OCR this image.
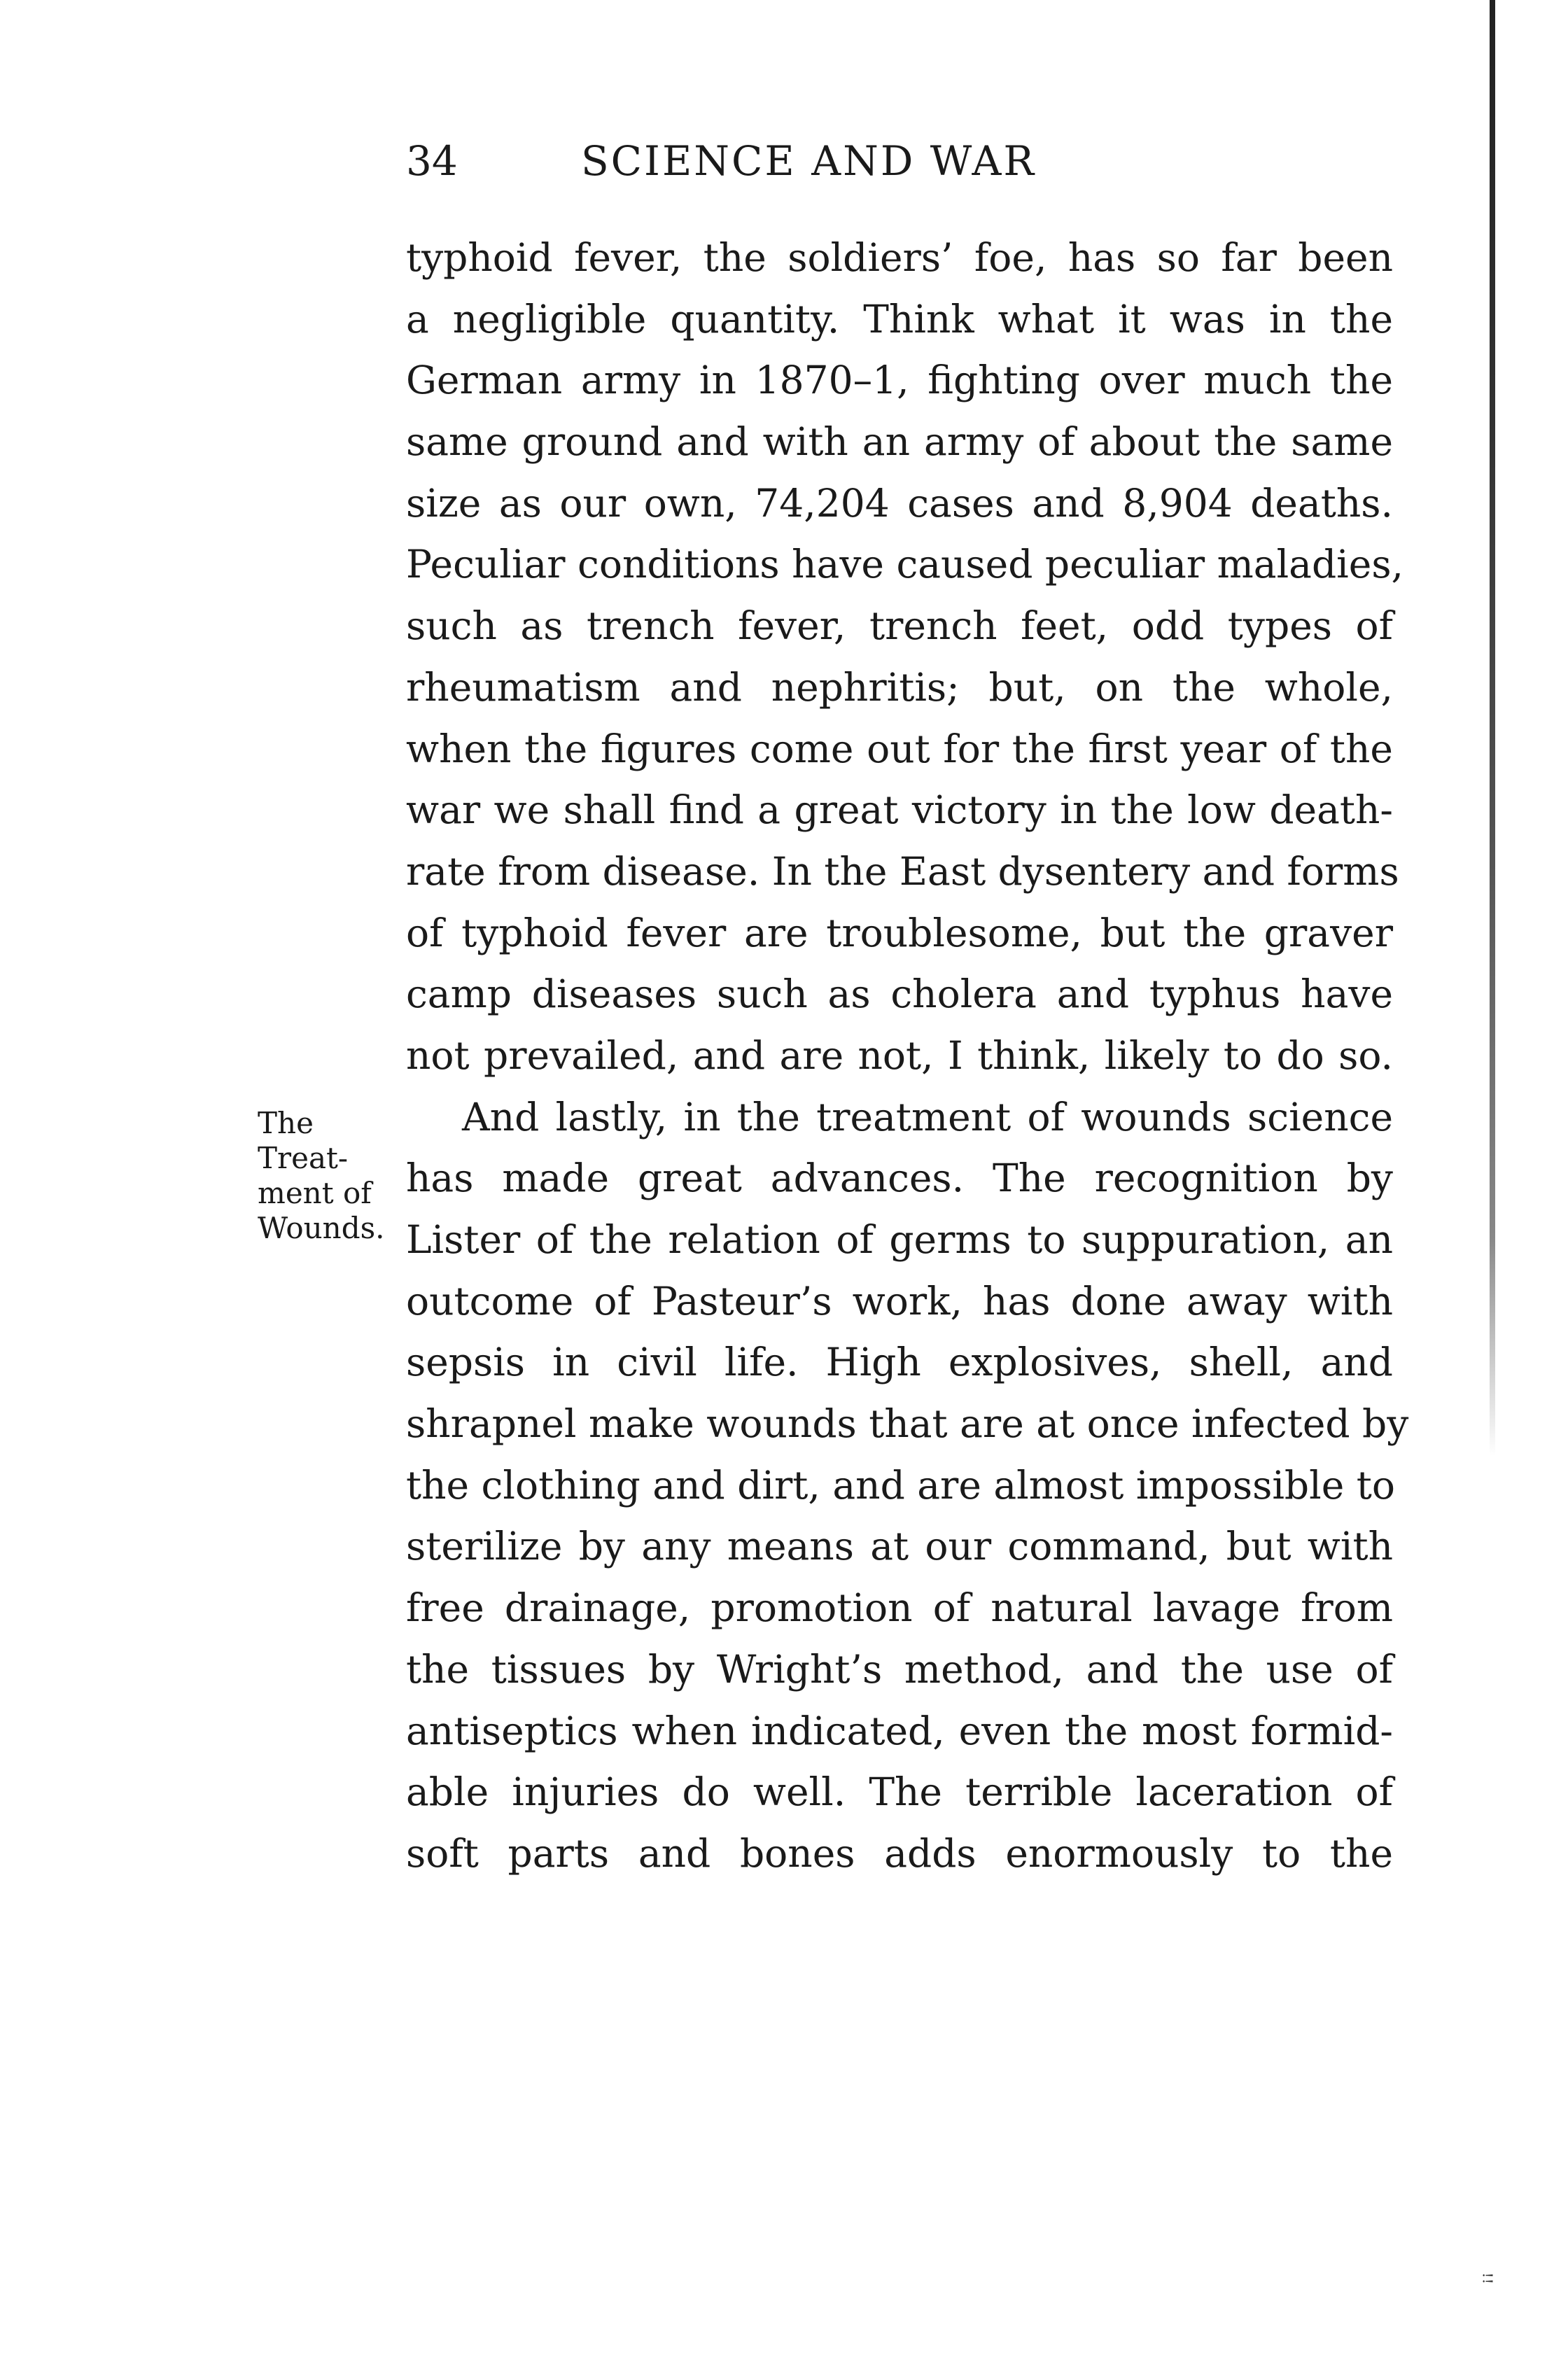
34	SCIENCE AND WAR
The
Treat-
ment of
Wounds.
typhoid fever, the soldiers’ foe, has so far been
a negligible quantity. Think what it was in the
German army in 1870–1, fighting over much the
same ground and with an army of about the same
size as our own, 74,204 cases and 8,904 deaths.
Peculiar conditions have caused peculiar maladies,
such as trench fever, trench feet, odd types of
rheumatism and nephritis; but, on the whole,
when the figures come out for the first year of the
war we shall find a great victory in the low death-
rate from disease. In the East dysentery and forms
of typhoid fever are troublesome, but the graver
camp diseases such as cholera and typhus have
not prevailed, and are not, I think, likely to do so.
And lastly, in the treatment of wounds science
has made great advances. The recognition by
Lister of the relation of germs to suppuration, an
outcome of Pasteur’s work, has done away with
sepsis in civil life. High explosives, shell, and
shrapnel make wounds that are at once infected by
the clothing and dirt, and are almost impossible to
sterilize by any means at our command, but with
free drainage, promotion of natural lavage from
the tissues by Wright’s method, and the use of
antiseptics when indicated, even the most formid-
able injuries do well. The terrible laceration of
soft parts and bones adds enormously to the
ꜝꜝ
